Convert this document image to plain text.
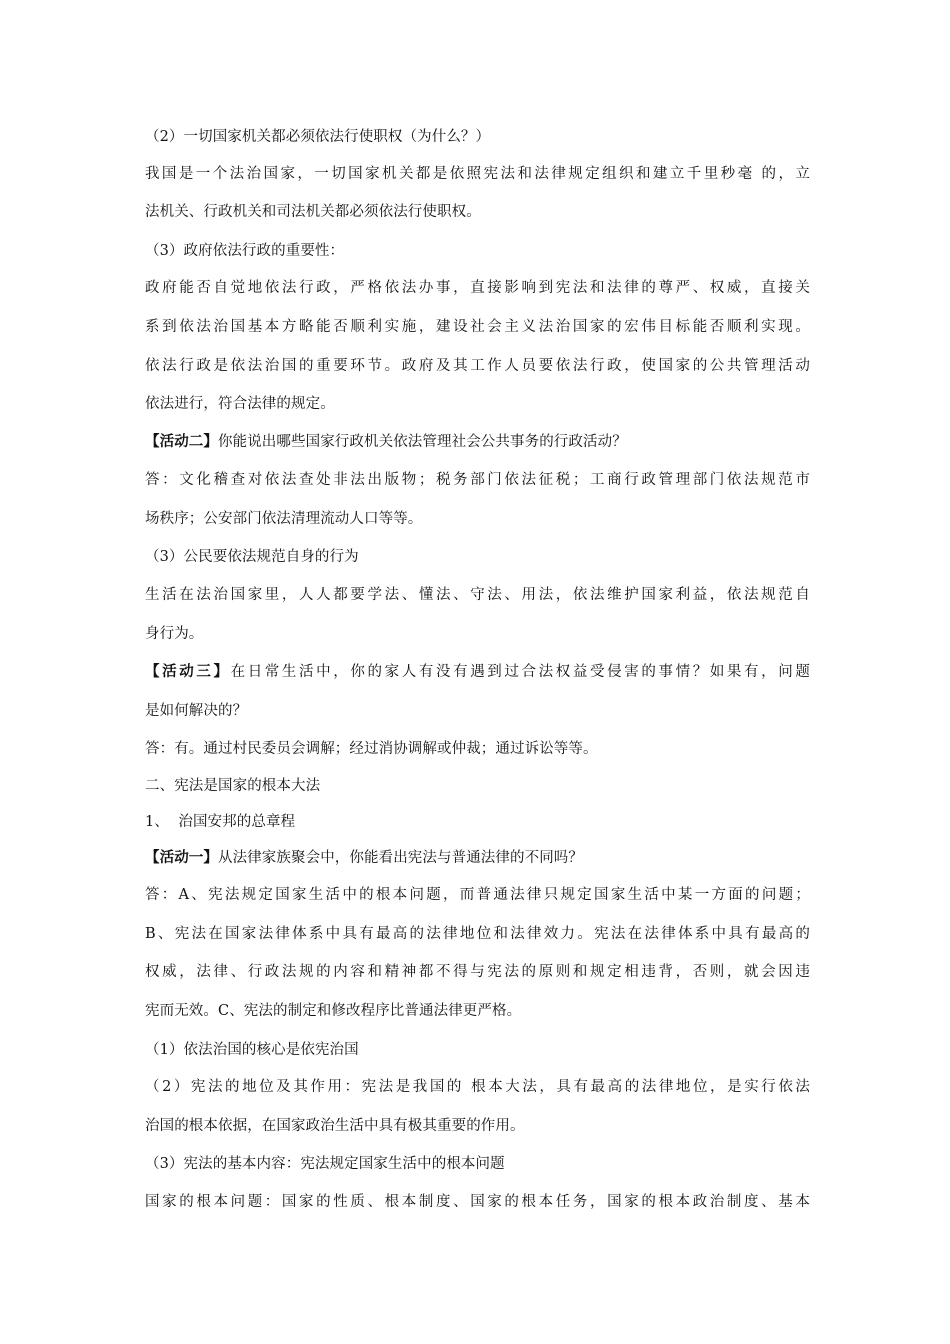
（2）一切国家机关都必须依法行使职权（为什么？）
我国是一个法治国家，一切国家机关都是依照宪法和法律规定组织和建立千里秒毫 的，立
法机关、行政机关和司法机关都必须依法行使职权。
（3）政府依法行政的重要性：
政府能否自觉地依法行政，严格依法办事，直接影响到宪法和法律的尊严、权威，直接关
系到依法治国基本方略能否顺利实施，建设社会主义法治国家的宏伟目标能否顺利实现。
依法行政是依法治国的重要环节。政府及其工作人员要依法行政，使国家的公共管理活动
依法进行，符合法律的规定。
【活动二】你能说出哪些国家行政机关依法管理社会公共事务的行政活动？
答：文化稽查对依法查处非法出版物；税务部门依法征税；工商行政管理部门依法规范市
场秩序；公安部门依法清理流动人口等等。
（3）公民要依法规范自身的行为
生活在法治国家里，人人都要学法、懂法、守法、用法，依法维护国家利益，依法规范自
身行为。
【活动三】在日常生活中，你的家人有没有遇到过合法权益受侵害的事情？如果有，问题
是如何解决的？
答：有。通过村民委员会调解；经过消协调解或仲裁；通过诉讼等等。
二、宪法是国家的根本大法
1、  治国安邦的总章程
【活动一】从法律家族聚会中，你能看出宪法与普通法律的不同吗？
答：A、宪法规定国家生活中的根本问题，而普通法律只规定国家生活中某一方面的问题；
B、宪法在国家法律体系中具有最高的法律地位和法律效力。宪法在法律体系中具有最高的
权威，法律、行政法规的内容和精神都不得与宪法的原则和规定相违背，否则，就会因违
宪而无效。C、宪法的制定和修改程序比普通法律更严格。
（1）依法治国的核心是依宪治国
（2）宪法的地位及其作用：宪法是我国的 根本大法，具有最高的法律地位，是实行依法
治国的根本依据，在国家政治生活中具有极其重要的作用。
（3）宪法的基本内容：宪法规定国家生活中的根本问题
国家的根本问题：国家的性质、根本制度、国家的根本任务，国家的根本政治制度、基本
